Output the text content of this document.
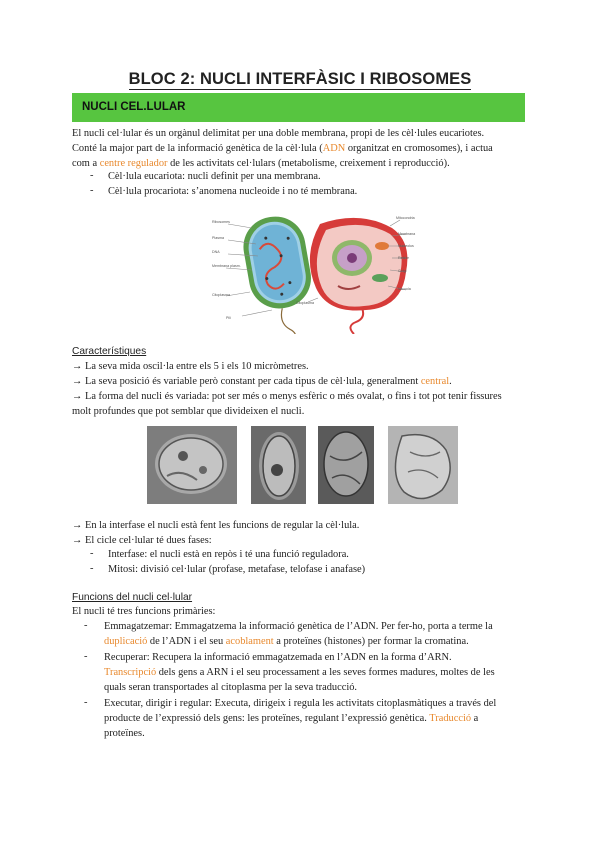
BLOC 2: NUCLI INTERFÀSIC I RIBOSOMES
NUCLI CEL.LULAR
El nucli cel·lular és un orgànul delimitat per una doble membrana, propi de les cèl·lules eucariotes.
Conté la major part de la informació genètica de la cèl·lula (ADN organitzat en cromosomes), i actua
com a centre regulador de les activitats cel·lulars (metabolisme, creixement i reproducció).
- Cèl·lula eucariota: nucli definit per una membrana.
- Cèl·lula procariota: s’anomena nucleoide i no té membrana.
Ribosomes
Plasma
DNA
Membrana plasm.
Citoplasma
Pili
Mitocondria
Membrana
Nucleolus
Reticle
Golgi
Vacuola
Citoplasma
Característiques
→ La seva mida oscil·la entre els 5 i els 10 micròmetres.
→ La seva posició és variable però constant per cada tipus de cèl·lula, generalment central.
→ La forma del nucli és variada: pot ser més o menys esfèric o més ovalat, o fins i tot pot tenir fissures
molt profundes que pot semblar que divideixen el nucli.
→ En la interfase el nucli està fent les funcions de regular la cèl·lula.
→ El cicle cel·lular té dues fases:
- Interfase: el nucli està en repòs i té una funció reguladora.
- Mitosi: divisió cel·lular (profase, metafase, telofase i anafase)
Funcions del nucli cel·lular
El nucli té tres funcions primàries:
- Emmagatzemar: Emmagatzema la informació genètica de l’ADN. Per fer-ho, porta a terme la
duplicació de l’ADN i el seu acoblament a proteïnes (histones) per formar la cromatina.
- Recuperar: Recupera la informació emmagatzemada en l’ADN en la forma d’ARN.
Transcripció dels gens a ARN i el seu processament a les seves formes madures, moltes de les
quals seran transportades al citoplasma per la seva traducció.
- Executar, dirigir i regular: Executa, dirigeix i regula les activitats citoplasmàtiques a través del
producte de l’expressió dels gens: les proteïnes, regulant l’expressió genètica. Traducció a
proteïnes.
